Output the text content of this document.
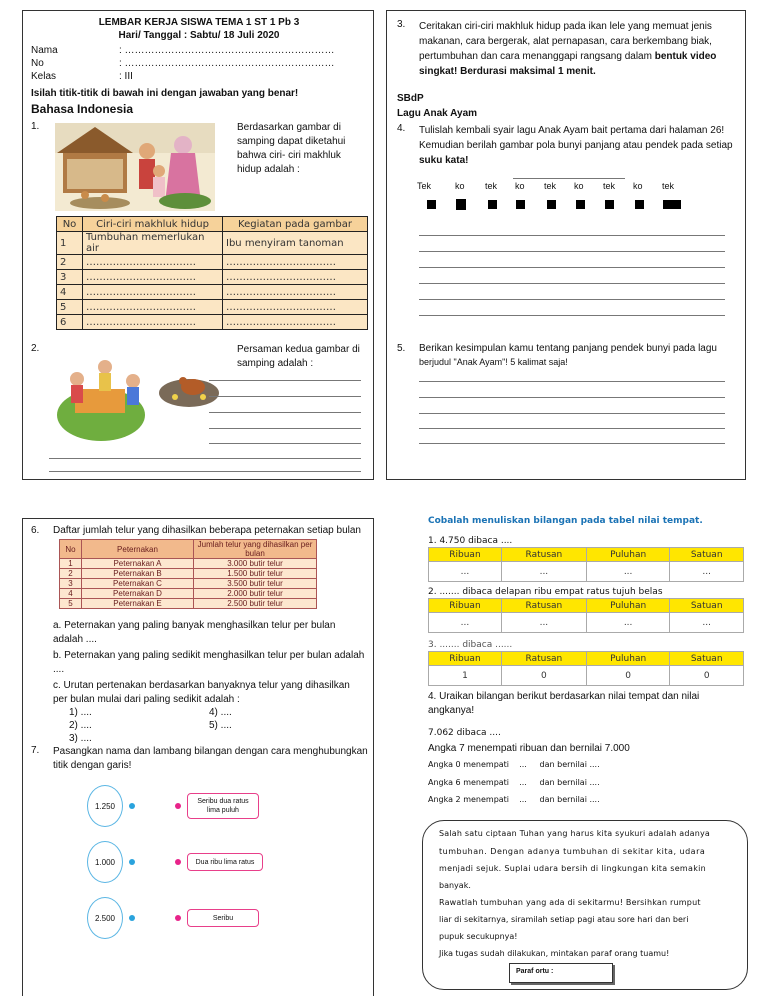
LEMBAR KERJA SISWA TEMA 1 ST 1 Pb 3
Hari/ Tanggal : Sabtu/ 18 Juli 2020
Nama	: ………………………………………………………
No	: ………………………………………………………
Kelas	: III
Isilah titik-titik di bawah ini dengan jawaban yang benar!
Bahasa Indonesia
1.	Berdasarkan gambar di samping dapat diketahui bahwa ciri- ciri makhluk hidup adalah :
No	Ciri-ciri makhluk hidup	Kegiatan pada gambar
1	Tumbuhan memerlukan air	Ibu menyiram tanoman
2	……………………………	……………………………
3	……………………………	……………………………
4	……………………………	……………………………
5	……………………………	……………………………
6	……………………………	……………………………
2.	Persaman kedua gambar di samping adalah :
3. Ceritakan ciri-ciri makhluk hidup pada ikan lele yang memuat jenis makanan, cara bergerak, alat pernapasan, cara berkembang biak, pertumbuhan dan cara menanggapi rangsang dalam bentuk video singkat! Berdurasi maksimal 1 menit.
SBdP
Lagu Anak Ayam
4. Tulislah kembali syair lagu Anak Ayam bait pertama dari halaman 26! Kemudian berilah gambar pola bunyi panjang atau pendek pada setiap suku kata!
Tek	ko tek ko tek ko tek ko tek
5. Berikan kesimpulan kamu tentang panjang pendek bunyi pada lagu
berjudul "Anak Ayam"! 5 kalimat saja!
6. Daftar jumlah telur yang dihasilkan beberapa peternakan setiap bulan
No	Peternakan	Jumlah telur yang dihasilkan per bulan
1	Peternakan A	3.000 butir telur
2	Peternakan B	1.500 butir telur
3	Peternakan C	3.500 butir telur
4	Peternakan D	2.000 butir telur
5	Peternakan E	2.500 butir telur
a. Peternakan yang paling banyak menghasilkan telur per bulan adalah ....
b. Peternakan yang paling sedikit menghasilkan telur per bulan adalah ....
c. Urutan pertenakan berdasarkan banyaknya telur yang dihasilkan per bulan mulai dari paling sedikit adalah :
1) ....
2) ....
3) ....
4) ....
5) ....
7. Pasangkan nama dan lambang bilangan dengan cara menghubungkan titik dengan garis!
1.250
1.000
2.500
Seribu dua ratus lima puluh
Dua ribu lima ratus
Seribu
Cobalah menuliskan bilangan pada tabel nilai tempat.
1. 4.750 dibaca ....
Ribuan	Ratusan	Puluhan	Satuan
...	...	...	...
2. ....... dibaca delapan ribu empat ratus tujuh belas
Ribuan	Ratusan	Puluhan	Satuan
...	...	...	...
3. ....... dibaca ......
Ribuan	Ratusan	Puluhan	Satuan
1	0	0	0
4. Uraikan bilangan berikut berdasarkan nilai tempat dan nilai angkanya!
7.062 dibaca ....
Angka 7 menempati ribuan dan bernilai 7.000
Angka 0 menempati    ...     dan bernilai ....
Angka 6 menempati    ...     dan bernilai ....
Angka 2 menempati    ...     dan bernilai ....
Salah satu ciptaan Tuhan yang harus kita syukuri adalah adanya
tumbuhan. Dengan adanya tumbuhan di sekitar kita, udara
menjadi sejuk. Suplai udara bersih di lingkungan kita semakin
banyak.
Rawatlah tumbuhan yang ada di sekitarmu! Bersihkan rumput
liar di sekitarnya, siramilah setiap pagi atau sore hari dan beri
pupuk secukupnya!
Jika tugas sudah dilakukan, mintakan paraf orang tuamu!
Paraf ortu :
